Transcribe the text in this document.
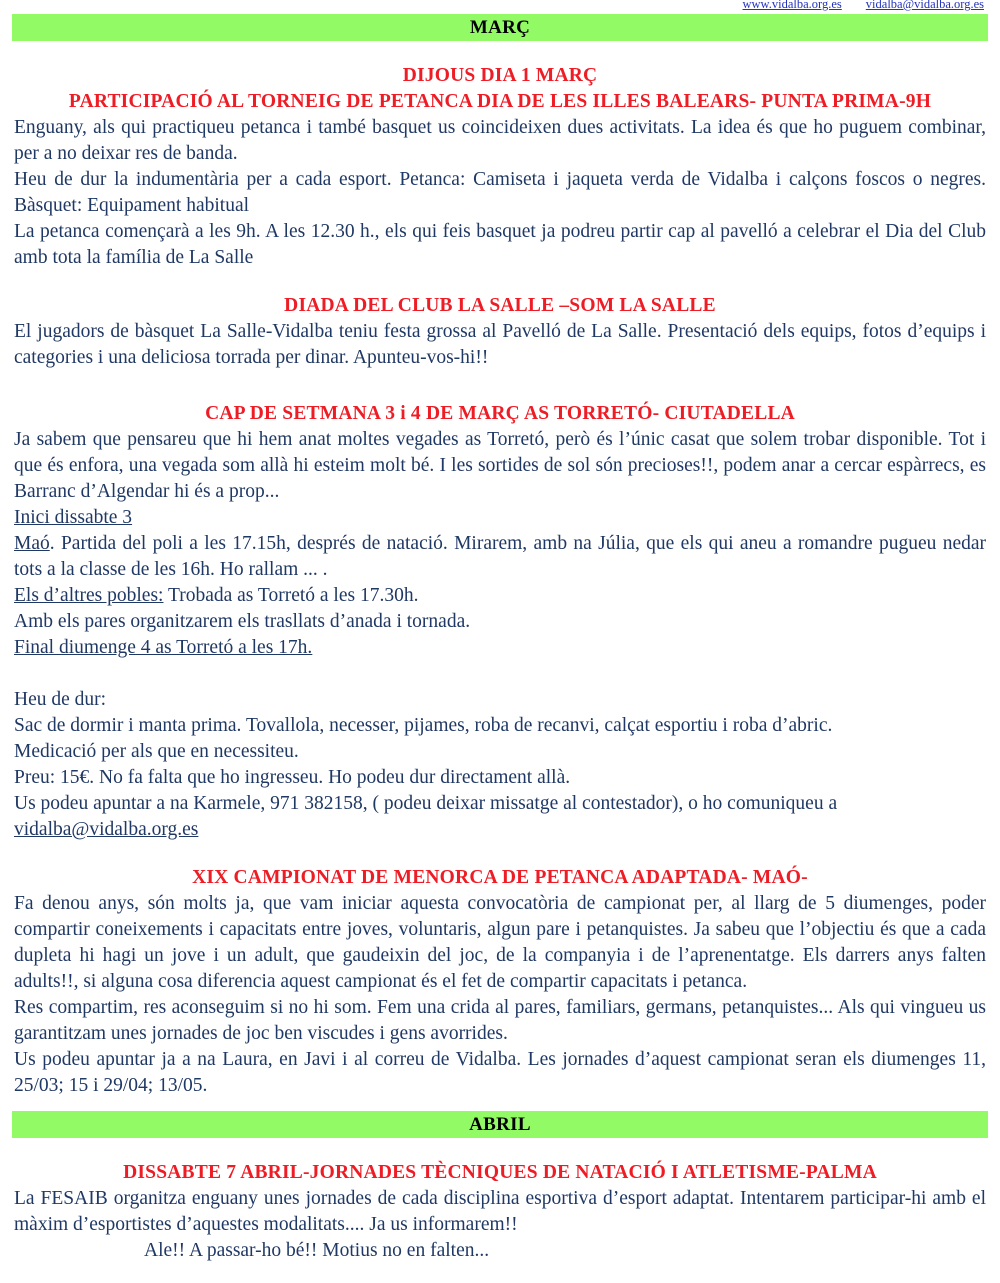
www.vidalba.org.es vidalba@vidalba.org.es
MARÇ
DIJOUS DIA 1 MARÇ
PARTICIPACIÓ AL TORNEIG DE PETANCA DIA DE LES ILLES BALEARS- PUNTA PRIMA-9H

Enguany, als qui practiqueu petanca i també basquet us coincideixen dues activitats. La idea és que ho puguem combinar, per a no deixar res de banda.

Heu de dur la indumentària per a cada esport. Petanca: Camiseta i jaqueta verda de Vidalba i calçons foscos o negres. Bàsquet: Equipament habitual

La petanca començarà a les 9h. A les 12.30 h., els qui feis basquet ja podreu partir cap al pavelló a celebrar el Dia del Club amb tota la família de La Salle

DIADA DEL CLUB LA SALLE –SOM LA SALLE

El jugadors de bàsquet La Salle-Vidalba teniu festa grossa al Pavelló de La Salle. Presentació dels equips, fotos d’equips i categories i una deliciosa torrada per dinar. Apunteu-vos-hi!!

CAP DE SETMANA 3 i 4 DE MARÇ AS TORRETÓ- CIUTADELLA

Ja sabem que pensareu que hi hem anat moltes vegades as Torretó, però és l’únic casat que solem trobar disponible. Tot i que és enfora, una vegada som allà hi esteim molt bé. I les sortides de sol són precioses!!, podem anar a cercar espàrrecs, es Barranc d’Algendar hi és a prop...

Inici dissabte 3
Maó. Partida del poli a les 17.15h, després de natació. Mirarem, amb na Júlia, que els qui aneu a romandre pugueu nedar tots a la classe de les 16h. Ho rallam ... .
Els d’altres pobles: Trobada as Torretó a les 17.30h.
Amb els pares organitzarem els trasllats d’anada i tornada.
Final diumenge 4 as Torretó a les 17h.
Heu de dur:
Sac de dormir i manta prima. Tovallola, necesser, pijames, roba de recanvi, calçat esportiu i roba d’abric.
Medicació per als que en necessiteu.
Preu: 15€. No fa falta que ho ingresseu. Ho podeu dur directament allà.
Us podeu apuntar a na Karmele, 971 382158, ( podeu deixar missatge al contestador), o ho comuniqueu a
vidalba@vidalba.org.es
XIX CAMPIONAT DE MENORCA DE PETANCA ADAPTADA- MAÓ-

Fa denou anys, són molts ja, que vam iniciar aquesta convocatòria de campionat per, al llarg de 5 diumenges, poder compartir coneixements i capacitats entre joves, voluntaris, algun pare i petanquistes. Ja sabeu que l’objectiu és que a cada dupleta hi hagi un jove i un adult, que gaudeixin del joc, de la companyia i de l’aprenentatge. Els darrers anys falten adults!!, si alguna cosa diferencia aquest campionat és el fet de compartir capacitats i petanca.

Res compartim, res aconseguim si no hi som. Fem una crida al pares, familiars, germans, petanquistes... Als qui vingueu us garantitzam unes jornades de joc ben viscudes i gens avorrides.

Us podeu apuntar ja a na Laura, en Javi i al correu de Vidalba. Les jornades d’aquest campionat seran els diumenges 11, 25/03; 15 i 29/04; 13/05.

ABRIL
DISSABTE 7 ABRIL-JORNADES TÈCNIQUES DE NATACIÓ I ATLETISME-PALMA

La FESAIB organitza enguany unes jornades de cada disciplina esportiva d’esport adaptat. Intentarem participar-hi amb el màxim d’esportistes d’aquestes modalitats.... Ja us informarem!!

Ale!! A passar-ho bé!! Motius no en falten...
